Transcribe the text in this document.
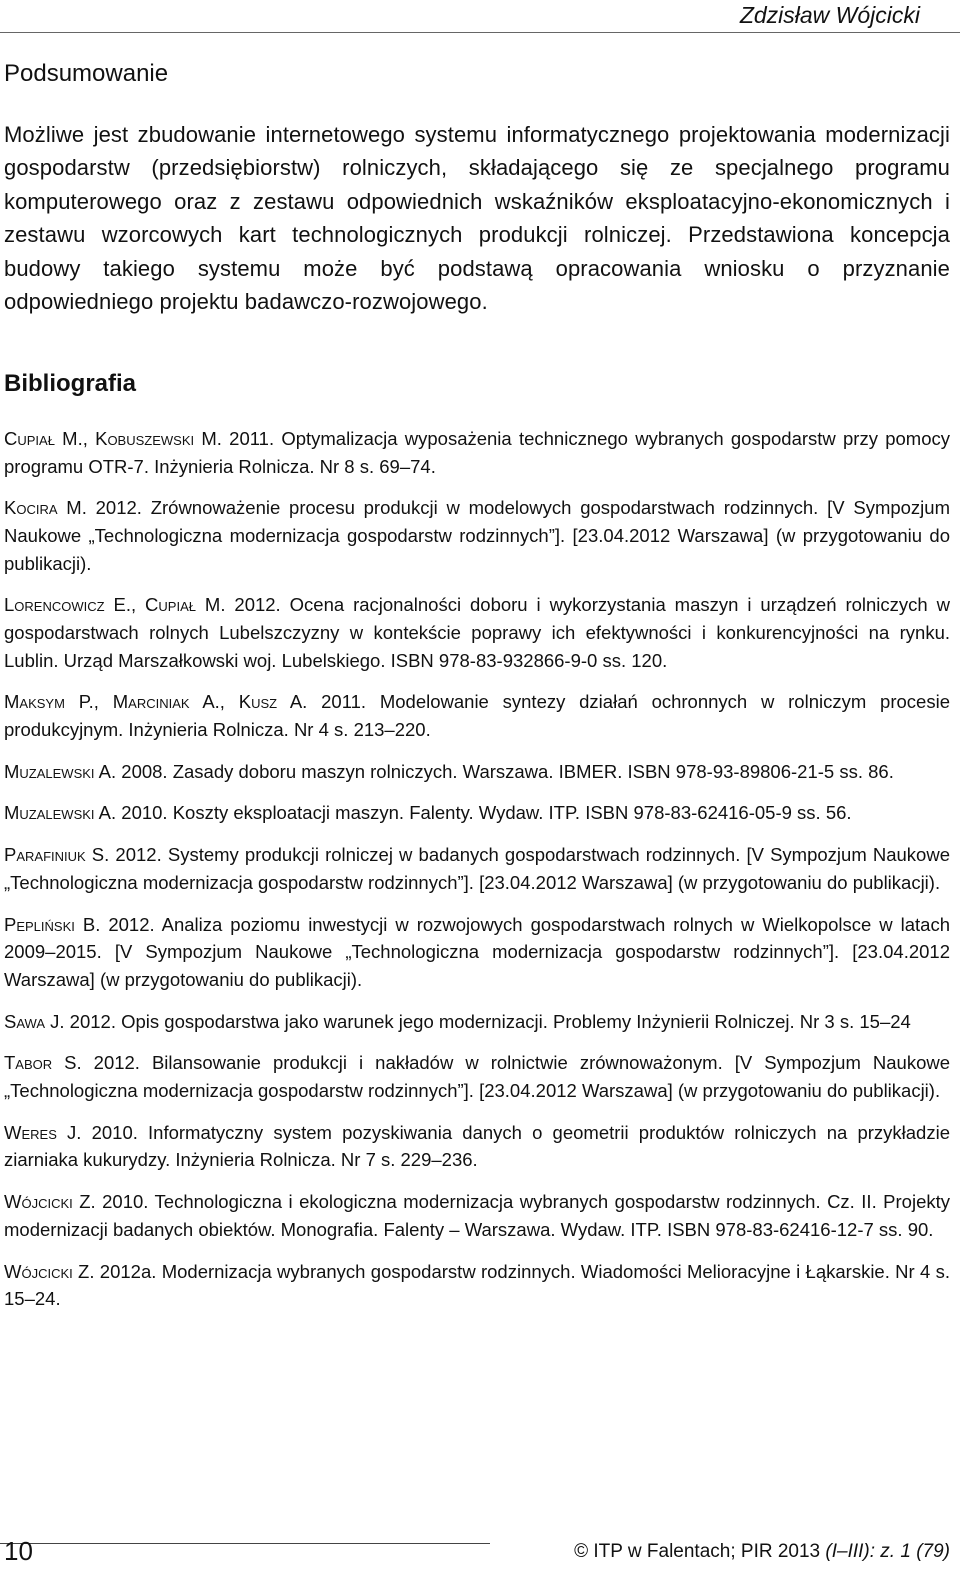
Zdzisław Wójcicki
Podsumowanie

Możliwe jest zbudowanie internetowego systemu informatycznego projektowania modernizacji gospodarstw (przedsiębiorstw) rolniczych, składającego się ze specjalnego programu komputerowego oraz z zestawu odpowiednich wskaźników eksploatacyjno-ekonomicznych i zestawu wzorcowych kart technologicznych produkcji rolniczej. Przedstawiona koncepcja budowy takiego systemu może być podstawą opracowania wniosku o przyznanie odpowiedniego projektu badawczo-rozwojowego.

Bibliografia
Cupiał M., Kobuszewski M. 2011. Optymalizacja wyposażenia technicznego wybranych gospodarstw przy pomocy programu OTR-7. Inżynieria Rolnicza. Nr 8 s. 69–74.
Kocira M. 2012. Zrównoważenie procesu produkcji w modelowych gospodarstwach rodzinnych. [V Sympozjum Naukowe „Technologiczna modernizacja gospodarstw rodzinnych”]. [23.04.2012 Warszawa] (w przygotowaniu do publikacji).
Lorencowicz E., Cupiał M. 2012. Ocena racjonalności doboru i wykorzystania maszyn i urządzeń rolniczych w gospodarstwach rolnych Lubelszczyzny w kontekście poprawy ich efektywności i konkurencyjności na rynku. Lublin. Urząd Marszałkowski woj. Lubelskiego. ISBN 978-83-932866-9-0 ss. 120.
Maksym P., Marciniak A., Kusz A. 2011. Modelowanie syntezy działań ochronnych w rolniczym procesie produkcyjnym. Inżynieria Rolnicza. Nr 4 s. 213–220.
Muzalewski A. 2008. Zasady doboru maszyn rolniczych. Warszawa. IBMER. ISBN 978-93-89806-21-5 ss. 86.
Muzalewski A. 2010. Koszty eksploatacji maszyn. Falenty. Wydaw. ITP. ISBN 978-83-62416-05-9 ss. 56.
Parafiniuk S. 2012. Systemy produkcji rolniczej w badanych gospodarstwach rodzinnych. [V Sympozjum Naukowe „Technologiczna modernizacja gospodarstw rodzinnych”]. [23.04.2012 Warszawa] (w przygotowaniu do publikacji).
Pepliński B. 2012. Analiza poziomu inwestycji w rozwojowych gospodarstwach rolnych w Wielkopolsce w latach 2009–2015. [V Sympozjum Naukowe „Technologiczna modernizacja gospodarstw rodzinnych”]. [23.04.2012 Warszawa] (w przygotowaniu do publikacji).
Sawa J. 2012. Opis gospodarstwa jako warunek jego modernizacji. Problemy Inżynierii Rolniczej. Nr 3 s. 15–24
Tabor S. 2012. Bilansowanie produkcji i nakładów w rolnictwie zrównoważonym. [V Sympozjum Naukowe „Technologiczna modernizacja gospodarstw rodzinnych”]. [23.04.2012 Warszawa] (w przygotowaniu do publikacji).
Weres J. 2010. Informatyczny system pozyskiwania danych o geometrii produktów rolniczych na przykładzie ziarniaka kukurydzy. Inżynieria Rolnicza. Nr 7 s. 229–236.
Wójcicki Z. 2010. Technologiczna i ekologiczna modernizacja wybranych gospodarstw rodzinnych. Cz. II. Projekty modernizacji badanych obiektów. Monografia. Falenty – Warszawa. Wydaw. ITP. ISBN 978-83-62416-12-7 ss. 90.
Wójcicki Z. 2012a. Modernizacja wybranych gospodarstw rodzinnych. Wiadomości Melioracyjne i Łąkarskie. Nr 4 s. 15–24.
10	© ITP w Falentach; PIR 2013 (I–III): z. 1 (79)
